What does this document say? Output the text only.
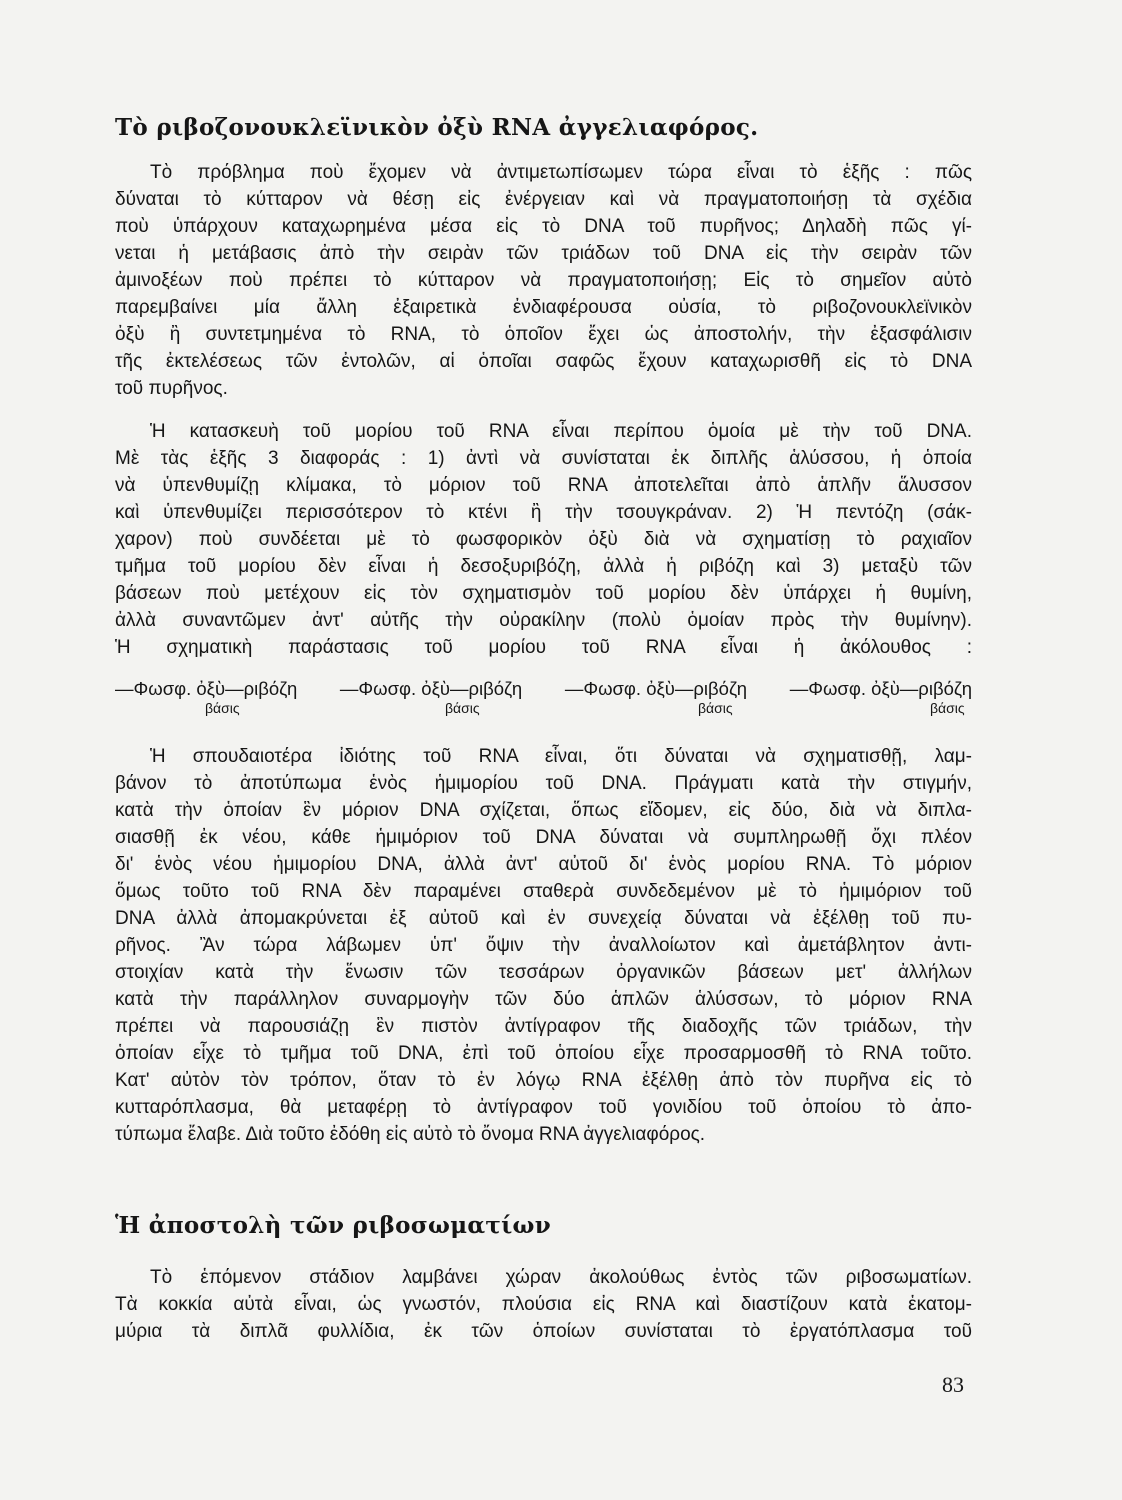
Τὸ ριβοζονουκλεϊνικὸν ὀξὺ RNA ἀγγελιαφόρος.
Τὸ πρόβλημα ποὺ ἔχομεν νὰ ἀντιμετωπίσωμεν τώρα εἶναι τὸ ἑξῆς : πῶς
δύναται τὸ κύτταρον νὰ θέσῃ εἰς ἐνέργειαν καὶ νὰ πραγματοποιήσῃ τὰ σχέδια
ποὺ ὑπάρχουν καταχωρημένα μέσα εἰς τὸ DNA τοῦ πυρῆνος; Δηλαδὴ πῶς γί-
νεται ἡ μετάβασις ἀπὸ τὴν σειρὰν τῶν τριάδων τοῦ DNA εἰς τὴν σειρὰν τῶν
ἀμινοξέων ποὺ πρέπει τὸ κύτταρον νὰ πραγματοποιήσῃ; Εἰς τὸ σημεῖον αὐτὸ
παρεμβαίνει μία ἄλλη ἐξαιρετικὰ ἐνδιαφέρουσα οὐσία, τὸ ριβοζονουκλεϊνικὸν
ὀξὺ ἢ συντετμημένα τὸ RNA, τὸ ὁποῖον ἔχει ὡς ἀποστολήν, τὴν ἐξασφάλισιν
τῆς ἐκτελέσεως τῶν ἐντολῶν, αἱ ὁποῖαι σαφῶς ἔχουν καταχωρισθῆ εἰς τὸ DNA
τοῦ πυρῆνος.
Ἡ κατασκευὴ τοῦ μορίου τοῦ RNA εἶναι περίπου ὁμοία μὲ τὴν τοῦ DNA.
Μὲ τὰς ἑξῆς 3 διαφοράς : 1) ἀντὶ νὰ συνίσταται ἐκ διπλῆς ἁλύσσου, ἡ ὁποία
νὰ ὑπενθυμίζῃ κλίμακα, τὸ μόριον τοῦ RNA ἀποτελεῖται ἀπὸ ἁπλῆν ἅλυσσον
καὶ ὑπενθυμίζει περισσότερον τὸ κτένι ἢ τὴν τσουγκράναν. 2) Ἡ πεντόζη (σάκ-
χαρον) ποὺ συνδέεται μὲ τὸ φωσφορικὸν ὀξὺ διὰ νὰ σχηματίσῃ τὸ ραχιαῖον
τμῆμα τοῦ μορίου δὲν εἶναι ἡ δεσοξυριβόζη, ἀλλὰ ἡ ριβόζη καὶ 3) μεταξὺ τῶν
βάσεων ποὺ μετέχουν εἰς τὸν σχηματισμὸν τοῦ μορίου δὲν ὑπάρχει ἡ θυμίνη,
ἀλλὰ συναντῶμεν ἀντ' αὐτῆς τὴν οὐρακίλην (πολὺ ὁμοίαν πρὸς τὴν θυμίνην).
Ἡ σχηματικὴ παράστασις τοῦ μορίου τοῦ RNA εἶναι ἡ ἀκόλουθος :
—Φωσφ. ὀξὺ—ριβόζη —Φωσφ. ὀξὺ—ριβόζη —Φωσφ. ὀξὺ—ριβόζη —Φωσφ. ὀξὺ—ριβόζη
βάσις	βάσις	βάσις	βάσις
Ἡ σπουδαιοτέρα ἰδιότης τοῦ RNA εἶναι, ὅτι δύναται νὰ σχηματισθῇ, λαμ-
βάνον τὸ ἀποτύπωμα ἑνὸς ἡμιμορίου τοῦ DNA. Πράγματι κατὰ τὴν στιγμήν,
κατὰ τὴν ὁποίαν ἓν μόριον DNA σχίζεται, ὅπως εἴδομεν, εἰς δύο, διὰ νὰ διπλα-
σιασθῇ ἐκ νέου, κάθε ἡμιμόριον τοῦ DNA δύναται νὰ συμπληρωθῇ ὄχι πλέον
δι' ἑνὸς νέου ἡμιμορίου DNA, ἀλλὰ ἀντ' αὐτοῦ δι' ἑνὸς μορίου RNA. Τὸ μόριον
ὅμως τοῦτο τοῦ RNA δὲν παραμένει σταθερὰ συνδεδεμένον μὲ τὸ ἡμιμόριον τοῦ
DNA ἀλλὰ ἀπομακρύνεται ἐξ αὐτοῦ καὶ ἐν συνεχείᾳ δύναται νὰ ἐξέλθῃ τοῦ πυ-
ρῆνος. Ἂν τώρα λάβωμεν ὑπ' ὄψιν τὴν ἀναλλοίωτον καὶ ἀμετάβλητον ἀντι-
στοιχίαν κατὰ τὴν ἕνωσιν τῶν τεσσάρων ὀργανικῶν βάσεων μετ' ἀλλήλων
κατὰ τὴν παράλληλον συναρμογὴν τῶν δύο ἁπλῶν ἁλύσσων, τὸ μόριον RNA
πρέπει νὰ παρουσιάζῃ ἓν πιστὸν ἀντίγραφον τῆς διαδοχῆς τῶν τριάδων, τὴν
ὁποίαν εἶχε τὸ τμῆμα τοῦ DNA, ἐπὶ τοῦ ὁποίου εἶχε προσαρμοσθῆ τὸ RNA τοῦτο.
Κατ' αὐτὸν τὸν τρόπον, ὅταν τὸ ἐν λόγῳ RNA ἐξέλθῃ ἀπὸ τὸν πυρῆνα εἰς τὸ
κυτταρόπλασμα, θὰ μεταφέρῃ τὸ ἀντίγραφον τοῦ γονιδίου τοῦ ὁποίου τὸ ἀπο-
τύπωμα ἔλαβε. Διὰ τοῦτο ἐδόθη εἰς αὐτὸ τὸ ὄνομα RNA ἀγγελιαφόρος.
Ἡ ἀποστολὴ τῶν ριβοσωματίων
Τὸ ἑπόμενον στάδιον λαμβάνει χώραν ἀκολούθως ἐντὸς τῶν ριβοσωματίων.
Τὰ κοκκία αὐτὰ εἶναι, ὡς γνωστόν, πλούσια εἰς RNA καὶ διαστίζουν κατὰ ἑκατομ-
μύρια τὰ διπλᾶ φυλλίδια, ἐκ τῶν ὁποίων συνίσταται τὸ ἐργατόπλασμα τοῦ
83
